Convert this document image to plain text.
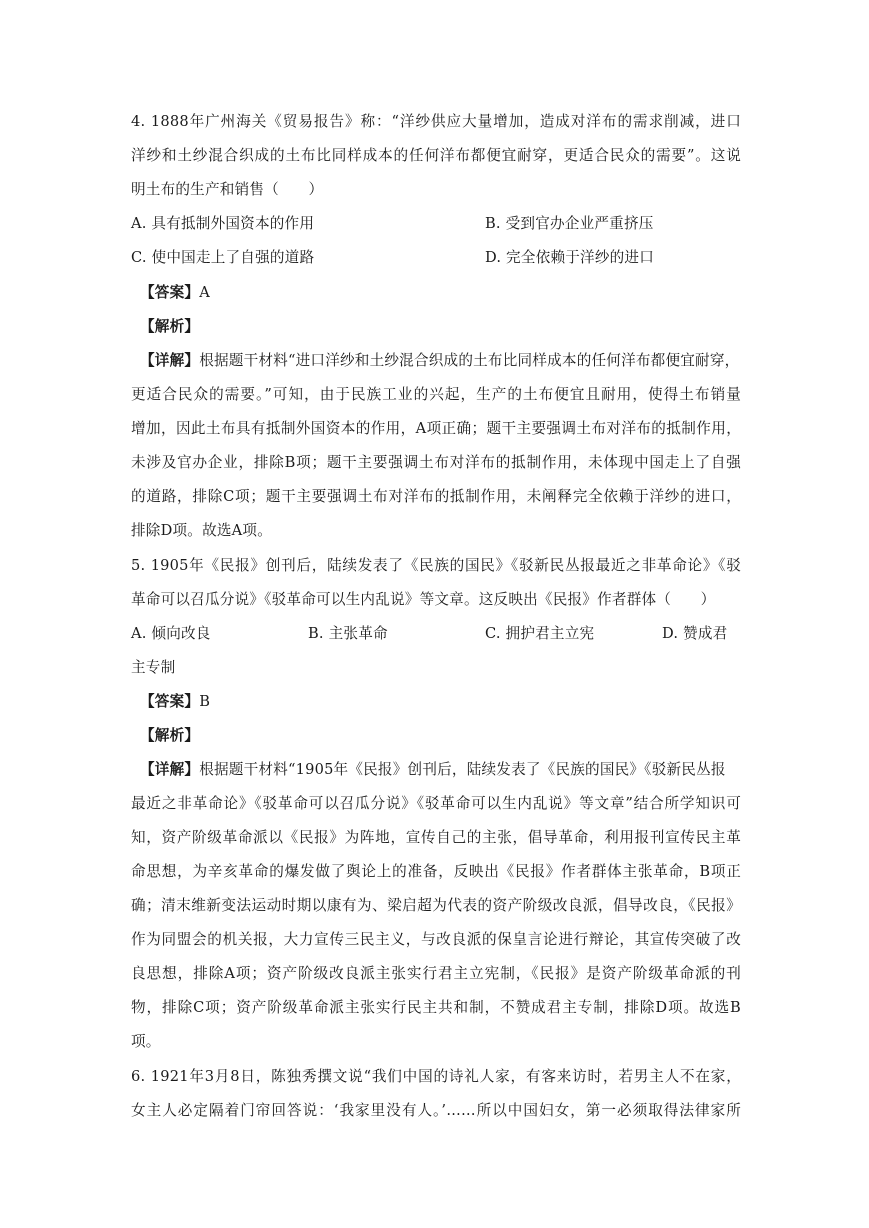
4. 1888年广州海关《贸易报告》称：“洋纱供应大量增加，造成对洋布的需求削减，进口
洋纱和土纱混合织成的土布比同样成本的任何洋布都便宜耐穿，更适合民众的需要”。这说
明土布的生产和销售（　　）
A. 具有抵制外国资本的作用	B. 受到官办企业严重挤压
C. 使中国走上了自强的道路	D. 完全依赖于洋纱的进口
【答案】A
【解析】
【详解】根据题干材料“进口洋纱和土纱混合织成的土布比同样成本的任何洋布都便宜耐穿，
更适合民众的需要。”可知，由于民族工业的兴起，生产的土布便宜且耐用，使得土布销量
增加，因此土布具有抵制外国资本的作用，A项正确；题干主要强调土布对洋布的抵制作用，
未涉及官办企业，排除B项；题干主要强调土布对洋布的抵制作用，未体现中国走上了自强
的道路，排除C项；题干主要强调土布对洋布的抵制作用，未阐释完全依赖于洋纱的进口，
排除D项。故选A项。
5. 1905年《民报》创刊后，陆续发表了《民族的国民》《驳新民丛报最近之非革命论》《驳
革命可以召瓜分说》《驳革命可以生内乱说》等文章。这反映出《民报》作者群体（　　）
A. 倾向改良	B. 主张革命	C. 拥护君主立宪	D. 赞成君
主专制
【答案】B
【解析】
【详解】根据题干材料“1905年《民报》创刊后，陆续发表了《民族的国民》《驳新民丛报
最近之非革命论》《驳革命可以召瓜分说》《驳革命可以生内乱说》等文章”结合所学知识可
知，资产阶级革命派以《民报》为阵地，宣传自己的主张，倡导革命，利用报刊宣传民主革
命思想，为辛亥革命的爆发做了舆论上的准备，反映出《民报》作者群体主张革命，B项正
确；清末维新变法运动时期以康有为、梁启超为代表的资产阶级改良派，倡导改良，《民报》
作为同盟会的机关报，大力宣传三民主义，与改良派的保皇言论进行辩论，其宣传突破了改
良思想，排除A项；资产阶级改良派主张实行君主立宪制，《民报》是资产阶级革命派的刊
物，排除C项；资产阶级革命派主张实行民主共和制，不赞成君主专制，排除D项。故选B
项。
6. 1921年3月8日，陈独秀撰文说“我们中国的诗礼人家，有客来访时，若男主人不在家，
女主人必定隔着门帘回答说：‘我家里没有人。’……所以中国妇女，第一必须取得法律家所
